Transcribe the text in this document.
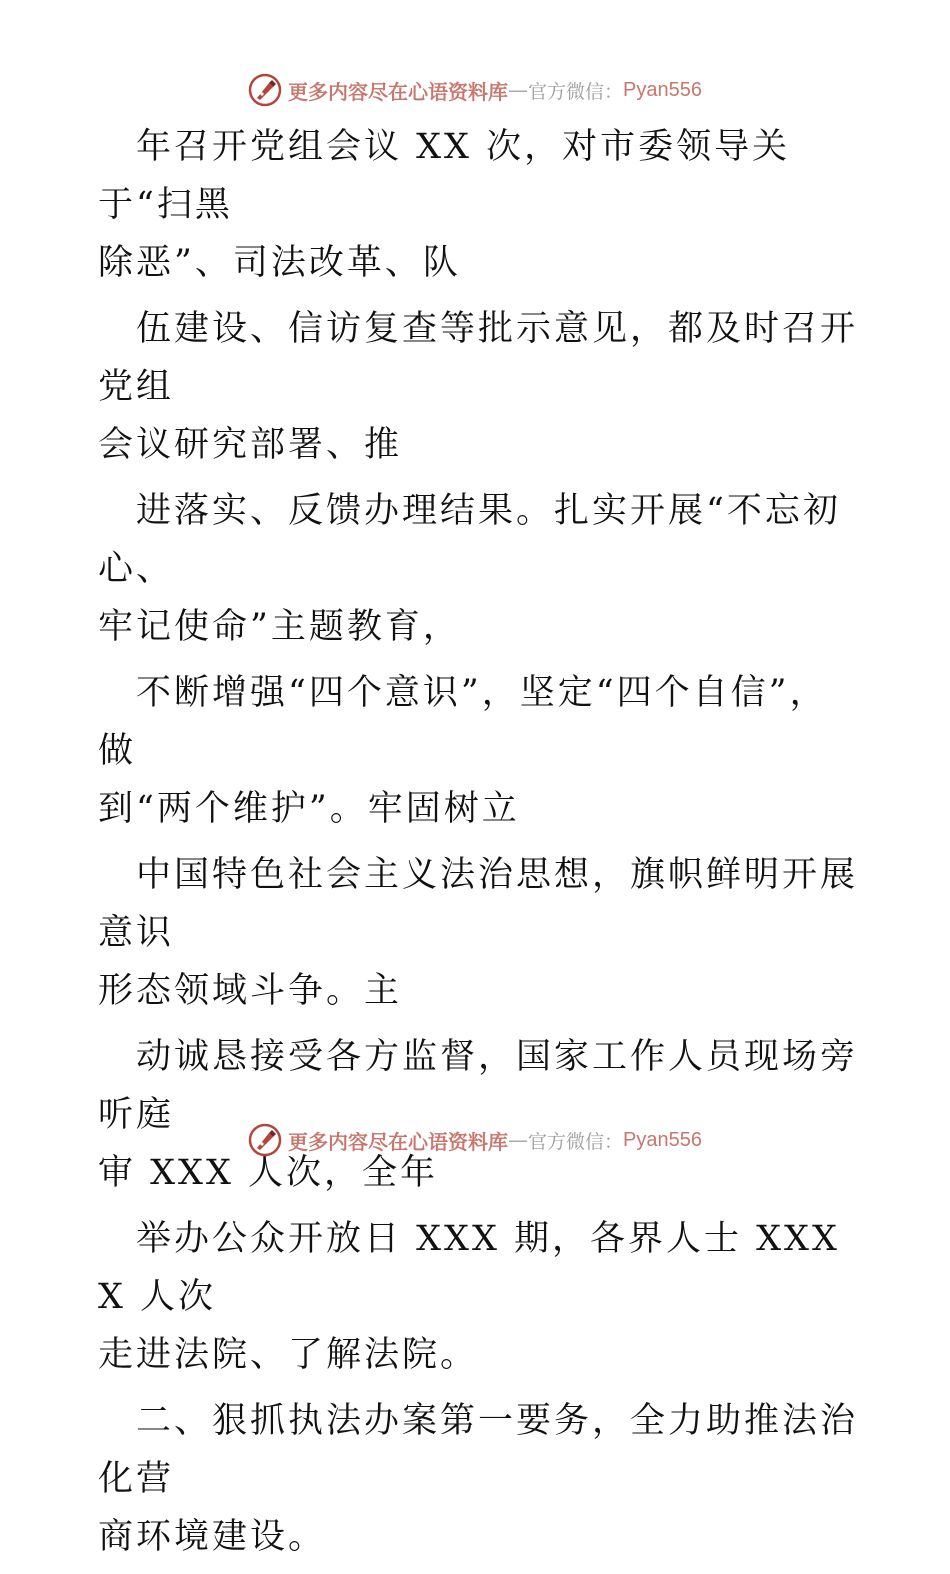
更多内容尽在心语资料库 — 官方微信： Pyan556

年召开党组会议 XX 次，对市委领导关于“扫黑
除恶”、司法改革、队

伍建设、信访复查等批示意见，都及时召开党组
会议研究部署、推

进落实、反馈办理结果。扎实开展“不忘初心、
牢记使命”主题教育，

不断增强“四个意识”，坚定“四个自信”，做
到“两个维护”。牢固树立

中国特色社会主义法治思想，旗帜鲜明开展意识
形态领域斗争。主

动诚恳接受各方监督，国家工作人员现场旁听庭
审 XXX 人次，全年

举办公众开放日 XXX 期，各界人士 XXXX 人次
走进法院、了解法院。

二、狠抓执法办案第一要务，全力助推法治化营
商环境建设。

更多内容尽在心语资料库 — 官方微信： Pyan556
